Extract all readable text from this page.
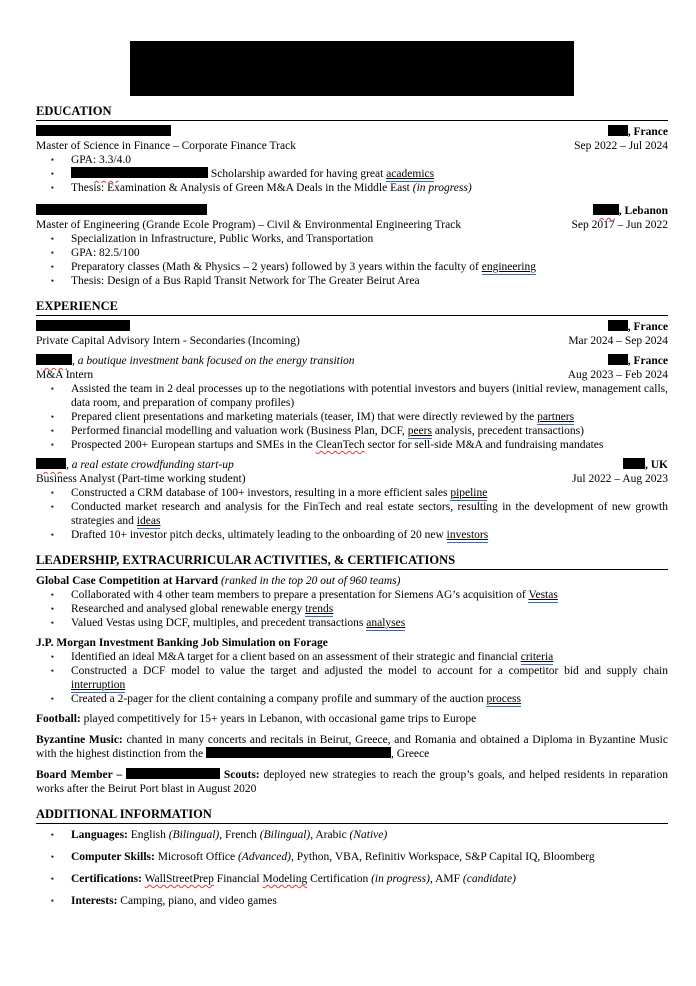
EDUCATION
, France
Master of Science in Finance – Corporate Finance Track	Sep 2022 – Jul 2024
▪ GPA: 3.3/4.0
xxxxxx▪ Scholarship awarded for having great academics
▪ Thesis: Examination & Analysis of Green M&A Deals in the Middle East (in progress)
xxxxxx, Lebanon
Master of Engineering (Grande Ecole Program) – Civil & Environmental Engineering Track	Sep 2017 – Jun 2022
▪ Specialization in Infrastructure, Public Works, and Transportation
▪ GPA: 82.5/100
▪ Preparatory classes (Math & Physics – 2 years) followed by 3 years within the faculty of engineering
▪ Thesis: Design of a Bus Rapid Transit Network for The Greater Beirut Area
EXPERIENCE
, France
Private Capital Advisory Intern - Secondaries (Incoming)	Mar 2024 – Sep 2024
xxxxxx, a boutique investment bank focused on the energy transition	, France
M&A Intern	Aug 2023 – Feb 2024
▪ Assisted the team in 2 deal processes up to the negotiations with potential investors and buyers (initial review, management calls, data room, and preparation of company profiles)
▪ Prepared client presentations and marketing materials (teaser, IM) that were directly reviewed by the partners
▪ Performed financial modelling and valuation work (Business Plan, DCF, peers analysis, precedent transactions)
▪ Prospected 200+ European startups and SMEs in the CleanTech sector for sell-side M&A and fundraising mandates
xxxxxx, a real estate crowdfunding start-up	, UK
Business Analyst (Part-time working student)	Jul 2022 – Aug 2023
▪ Constructed a CRM database of 100+ investors, resulting in a more efficient sales pipeline
▪ Conducted market research and analysis for the FinTech and real estate sectors, resulting in the development of new growth strategies and ideas
▪ Drafted 10+ investor pitch decks, ultimately leading to the onboarding of 20 new investors
LEADERSHIP, EXTRACURRICULAR ACTIVITIES, & CERTIFICATIONS
Global Case Competition at Harvard (ranked in the top 20 out of 960 teams)
▪ Collaborated with 4 other team members to prepare a presentation for Siemens AG’s acquisition of Vestas
▪ Researched and analysed global renewable energy trends
▪ Valued Vestas using DCF, multiples, and precedent transactions analyses
J.P. Morgan Investment Banking Job Simulation on Forage
▪ Identified an ideal M&A target for a client based on an assessment of their strategic and financial criteria
▪ Constructed a DCF model to value the target and adjusted the model to account for a competitor bid and supply chain interruption
▪ Created a 2-pager for the client containing a company profile and summary of the auction process
Football: played competitively for 15+ years in Lebanon, with occasional game trips to Europe
Byzantine Music: chanted in many concerts and recitals in Beirut, Greece, and Romania and obtained a Diploma in Byzantine Music with the highest distinction from the	, Greece
Board Member –	Scouts: deployed new strategies to reach the group’s goals, and helped residents in reparation works after the Beirut Port blast in August 2020
ADDITIONAL INFORMATION
▪ Languages: English (Bilingual), French (Bilingual), Arabic (Native)
▪ Computer Skills: Microsoft Office (Advanced), Python, VBA, Refinitiv Workspace, S&P Capital IQ, Bloomberg
▪ Certifications: WallStreetPrep Financial Modeling Certification (in progress), AMF (candidate)
▪ Interests: Camping, piano, and video games
